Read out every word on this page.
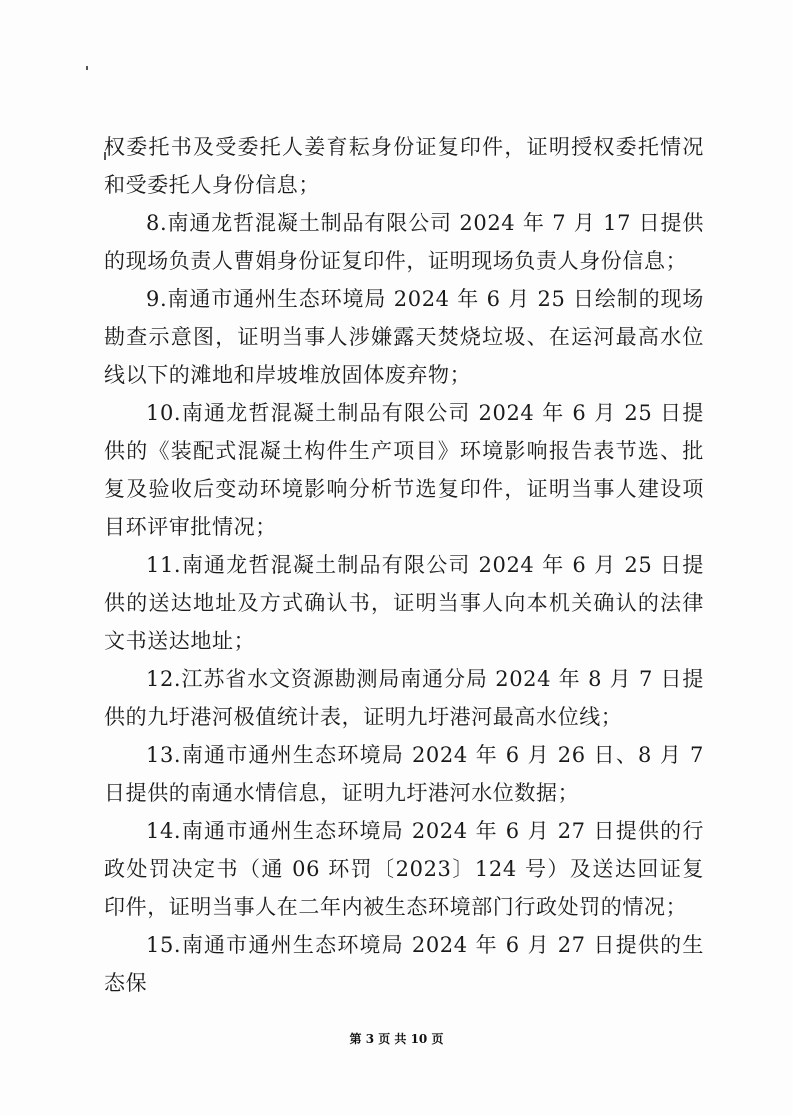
权委托书及受委托人姜育耘身份证复印件，证明授权委托情况和受委托人身份信息；

8.南通龙哲混凝土制品有限公司 2024 年 7 月 17 日提供的现场负责人曹娟身份证复印件，证明现场负责人身份信息；

9.南通市通州生态环境局 2024 年 6 月 25 日绘制的现场勘查示意图，证明当事人涉嫌露天焚烧垃圾、在运河最高水位线以下的滩地和岸坡堆放固体废弃物；

10.南通龙哲混凝土制品有限公司 2024 年 6 月 25 日提供的《装配式混凝土构件生产项目》环境影响报告表节选、批复及验收后变动环境影响分析节选复印件，证明当事人建设项目环评审批情况；

11.南通龙哲混凝土制品有限公司 2024 年 6 月 25 日提供的送达地址及方式确认书，证明当事人向本机关确认的法律文书送达地址；

12.江苏省水文资源勘测局南通分局 2024 年 8 月 7 日提供的九圩港河极值统计表，证明九圩港河最高水位线；

13.南通市通州生态环境局 2024 年 6 月 26 日、8 月 7 日提供的南通水情信息，证明九圩港河水位数据；

14.南通市通州生态环境局 2024 年 6 月 27 日提供的行政处罚决定书（通 06 环罚〔2023〕124 号）及送达回证复印件，证明当事人在二年内被生态环境部门行政处罚的情况；

15.南通市通州生态环境局 2024 年 6 月 27 日提供的生态保

第 3 页 共 10 页
